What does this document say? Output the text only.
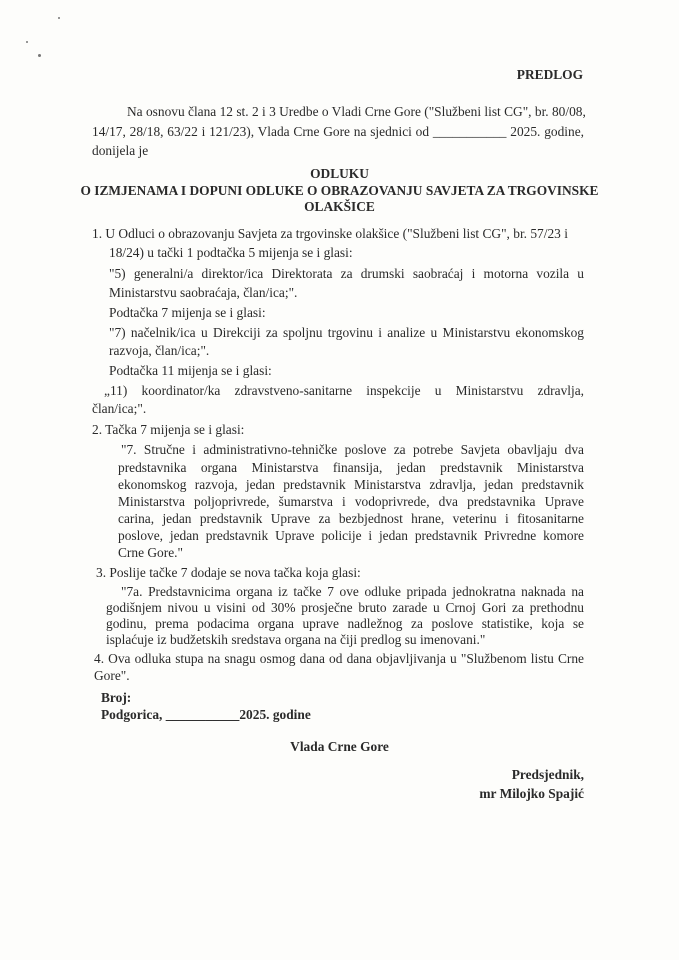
PREDLOG
Na osnovu člana 12 st. 2 i 3 Uredbe o Vladi Crne Gore ("Službeni list CG", br. 80/08,
14/17, 28/18, 63/22 i 121/23), Vlada Crne Gore na sjednici od ___________ 2025. godine,
donijela je
ODLUKU
O IZMJENAMA I DOPUNI ODLUKE O OBRAZOVANJU SAVJETA ZA TRGOVINSKE
OLAKŠICE
1. U Odluci o obrazovanju Savjeta za trgovinske olakšice ("Službeni list CG", br. 57/23 i
18/24) u tački 1 podtačka 5 mijenja se i glasi:
"5) generalni/a direktor/ica Direktorata za drumski saobraćaj i motorna vozila u
Ministarstvu saobraćaja, član/ica;".
Podtačka 7 mijenja se i glasi:
"7) načelnik/ica u Direkciji za spoljnu trgovinu i analize u Ministarstvu ekonomskog
razvoja, član/ica;".
Podtačka 11 mijenja se i glasi:
„11) koordinator/ka zdravstveno-sanitarne inspekcije u Ministarstvu zdravlja,
član/ica;".
2. Tačka 7 mijenja se i glasi:
"7. Stručne i administrativno-tehničke poslove za potrebe Savjeta obavljaju dva
predstavnika organa Ministarstva finansija, jedan predstavnik Ministarstva
ekonomskog razvoja, jedan predstavnik Ministarstva zdravlja, jedan predstavnik
Ministarstva poljoprivrede, šumarstva i vodoprivrede, dva predstavnika Uprave
carina, jedan predstavnik Uprave za bezbjednost hrane, veterinu i fitosanitarne
poslove, jedan predstavnik Uprave policije i jedan predstavnik Privredne komore
Crne Gore."
3. Poslije tačke 7 dodaje se nova tačka koja glasi:
"7a. Predstavnicima organa iz tačke 7 ove odluke pripada jednokratna naknada na
godišnjem nivou u visini od 30% prosječne bruto zarade u Crnoj Gori za prethodnu
godinu, prema podacima organa uprave nadležnog za poslove statistike, koja se
isplaćuje iz budžetskih sredstava organa na čiji predlog su imenovani."
4. Ova odluka stupa na snagu osmog dana od dana objavljivanja u "Službenom listu Crne
Gore".
Broj:
Podgorica, ___________2025. godine
Vlada Crne Gore
Predsjednik,
mr Milojko Spajić
